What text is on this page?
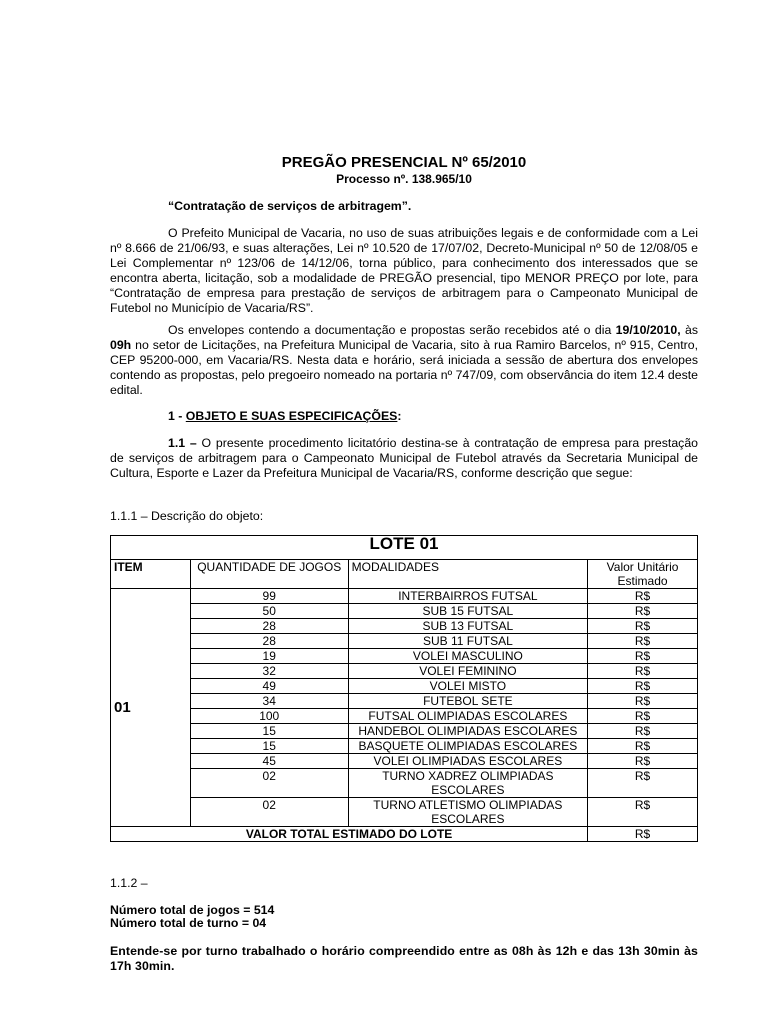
PREGÃO PRESENCIAL Nº 65/2010
Processo nº. 138.965/10

“Contratação de serviços de arbitragem”.

O Prefeito Municipal de Vacaria, no uso de suas atribuições legais e de conformidade com a Lei nº 8.666 de 21/06/93, e suas alterações, Lei nº 10.520 de 17/07/02, Decreto-Municipal nº 50 de 12/08/05 e Lei Complementar nº 123/06 de 14/12/06, torna público, para conhecimento dos interessados que se encontra aberta, licitação, sob a modalidade de PREGÃO presencial, tipo MENOR PREÇO por lote, para “Contratação de empresa para prestação de serviços de arbitragem para o Campeonato Municipal de Futebol no Município de Vacaria/RS”.

Os envelopes contendo a documentação e propostas serão recebidos até o dia 19/10/2010, às 09h no setor de Licitações, na Prefeitura Municipal de Vacaria, sito à rua Ramiro Barcelos, nº 915, Centro, CEP 95200-000, em Vacaria/RS. Nesta data e horário, será iniciada a sessão de abertura dos envelopes contendo as propostas, pelo pregoeiro nomeado na portaria nº 747/09, com observância do item 12.4 deste edital.

1 - OBJETO E SUAS ESPECIFICAÇÕES:

1.1 – O presente procedimento licitatório destina-se à contratação de empresa para prestação de serviços de arbitragem para o Campeonato Municipal de Futebol através da Secretaria Municipal de Cultura, Esporte e Lazer da Prefeitura Municipal de Vacaria/RS, conforme descrição que segue:

1.1.1 – Descrição do objeto:

LOTE 01			
ITEM	QUANTIDADE DE JOGOS	MODALIDADES	Valor Unitário Estimado
01	99	INTERBAIRROS FUTSAL	R$
	50	SUB 15 FUTSAL	R$
	28	SUB 13 FUTSAL	R$
	28	SUB 11 FUTSAL	R$
	19	VOLEI MASCULINO	R$
	32	VOLEI FEMININO	R$
	49	VOLEI MISTO	R$
	34	FUTEBOL SETE	R$
	100	FUTSAL OLIMPIADAS ESCOLARES	R$
	15	HANDEBOL OLIMPIADAS ESCOLARES	R$
	15	BASQUETE OLIMPIADAS ESCOLARES	R$
	45	VOLEI OLIMPIADAS ESCOLARES	R$
	02	TURNO XADREZ OLIMPIADAS ESCOLARES	R$
	02	TURNO ATLETISMO OLIMPIADAS ESCOLARES	R$
VALOR TOTAL ESTIMADO DO LOTE			R$

1.1.2 –

Número total de jogos = 514

Número total de turno = 04

Entende-se por turno trabalhado o horário compreendido entre as 08h às 12h e das 13h 30min às 17h 30min.
